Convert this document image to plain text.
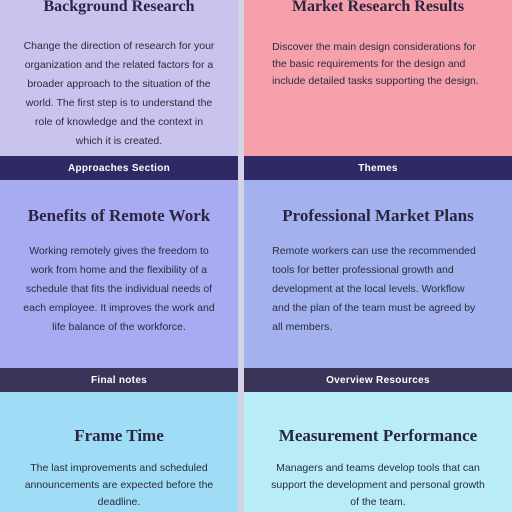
Background Research
Change the direction of research for your organization and the related factors for a broader approach to the situation of the world. The first step is to understand the role of knowledge and the context in which it is created.
Market Research Results
Discover the main design considerations for the basic requirements for the design and include detailed tasks supporting the design.
Approaches Section	Themes
Benefits of Remote Work
Working remotely gives the freedom to work from home and the flexibility of a schedule that fits the individual needs of each employee. It improves the work and life balance of the workforce.
Professional Market Plans
Remote workers can use the recommended tools for better professional growth and development at the local levels. Workflow and the plan of the team must be agreed by all members.
Final notes	Overview Resources
Frame Time
The last improvements and scheduled announcements are expected before the deadline.
Measurement Performance
Managers and teams develop tools that can support the development and personal growth of the team.
